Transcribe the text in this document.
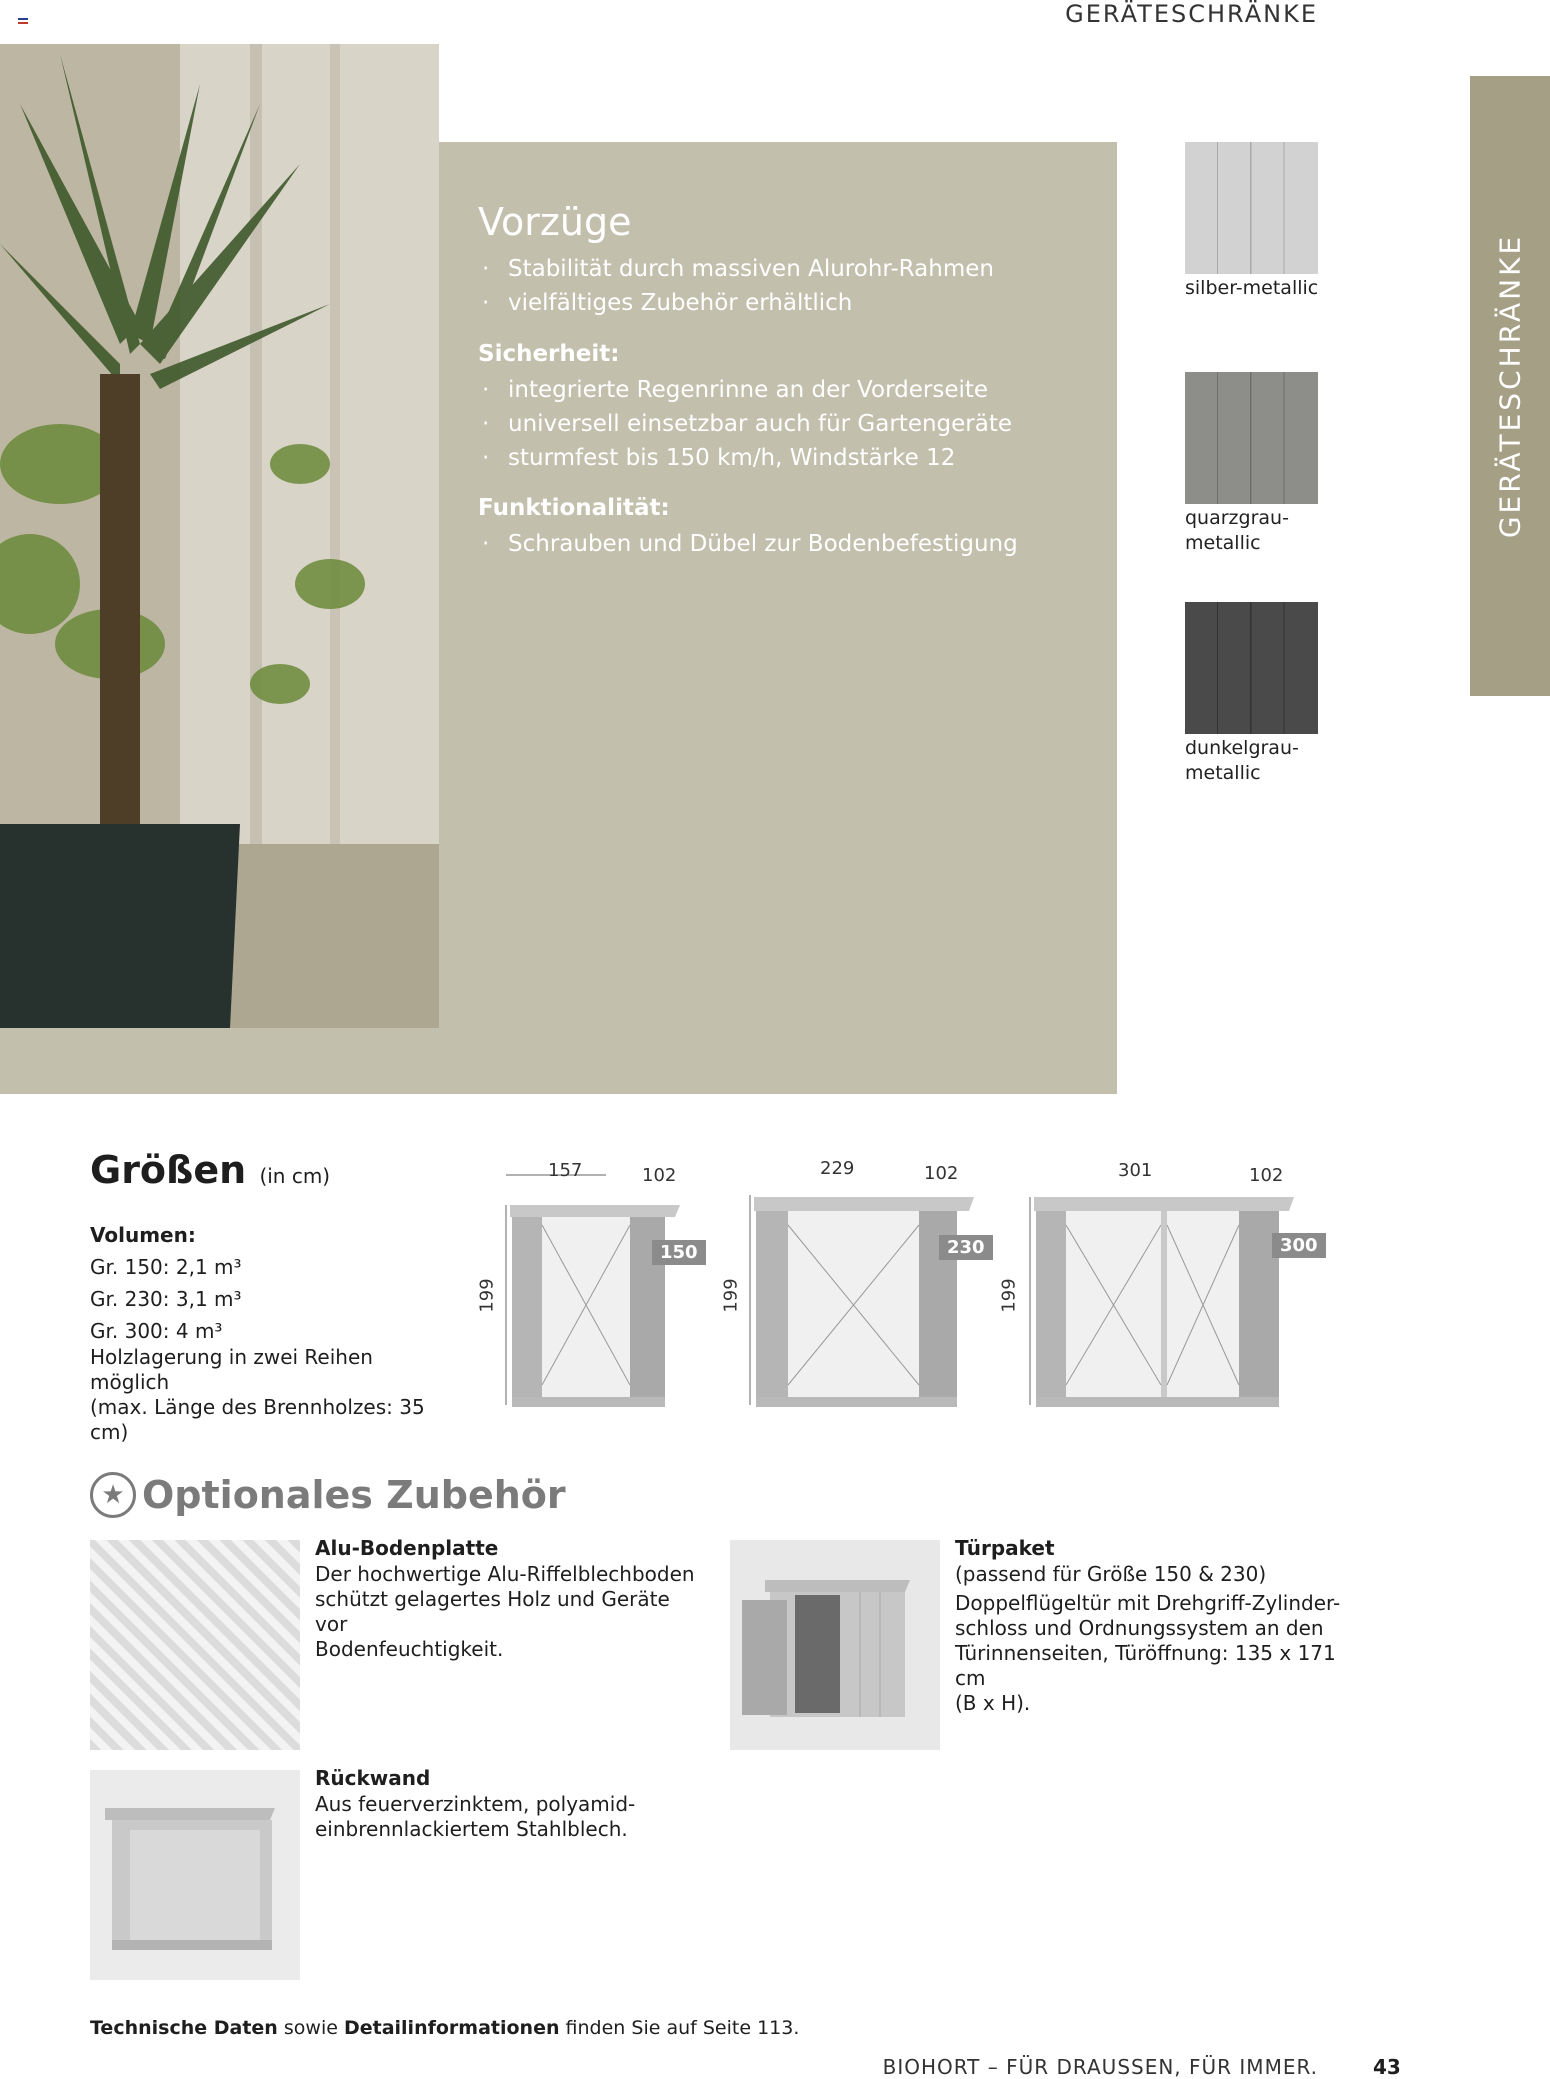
GERÄTESCHRÄNKE
GERÄTESCHRÄNKE
Vorzüge
· Stabilität durch massiven Alurohr-Rahmen
· vielfältiges Zubehör erhältlich
Sicherheit:
· integrierte Regenrinne an der Vorderseite
· universell einsetzbar auch für Gartengeräte
· sturmfest bis 150 km/h, Windstärke 12
Funktionalität:
· Schrauben und Dübel zur Bodenbefestigung
silber-metallic
quarzgrau-
metallic
dunkelgrau-
metallic
Größen (in cm)
Volumen:
Gr. 150: 2,1 m³
Gr. 230: 3,1 m³
Gr. 300: 4 m³
Holzlagerung in zwei Reihen möglich
(max. Länge des Brennholzes: 35 cm)
157	102
199
150
229	102
199
230
301	102
199
300
★ Optionales Zubehör
Alu-Bodenplatte
Der hochwertige Alu-Riffelblechboden
schützt gelagertes Holz und Geräte vor
Bodenfeuchtigkeit.
Türpaket
(passend für Größe 150 & 230)
Doppelflügeltür mit Drehgriff-Zylinder-
schloss und Ordnungssystem an den
Türinnenseiten, Türöffnung: 135 x 171 cm
(B x H).
Rückwand
Aus feuerverzinktem, polyamid-
einbrennlackiertem Stahlblech.
Technische Daten sowie Detailinformationen finden Sie auf Seite 113.
BIOHORT – FÜR DRAUSSEN, FÜR IMMER.	43
